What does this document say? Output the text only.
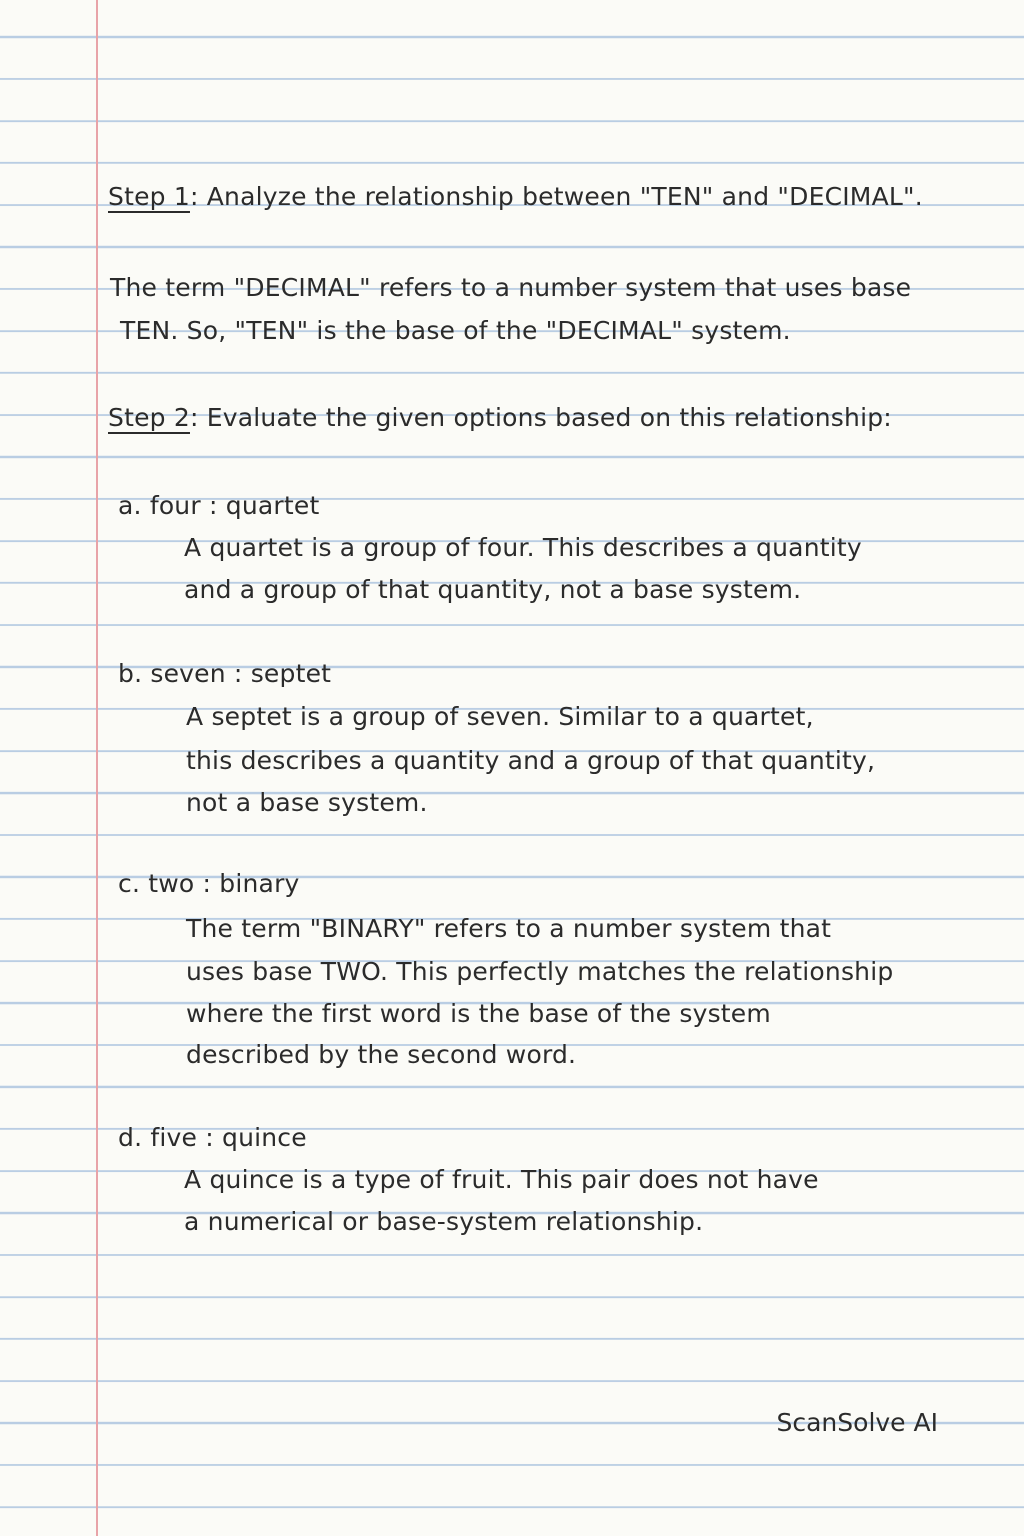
Step 1: Analyze the relationship between "TEN" and "DECIMAL".
The term "DECIMAL" refers to a number system that uses base
TEN. So, "TEN" is the base of the "DECIMAL" system.
Step 2: Evaluate the given options based on this relationship:
a. four : quartet
A quartet is a group of four. This describes a quantity
and a group of that quantity, not a base system.
b. seven : septet
A septet is a group of seven. Similar to a quartet,
this describes a quantity and a group of that quantity,
not a base system.
c. two : binary
The term "BINARY" refers to a number system that
uses base TWO. This perfectly matches the relationship
where the first word is the base of the system
described by the second word.
d. five : quince
A quince is a type of fruit. This pair does not have
a numerical or base-system relationship.
ScanSolve AI
